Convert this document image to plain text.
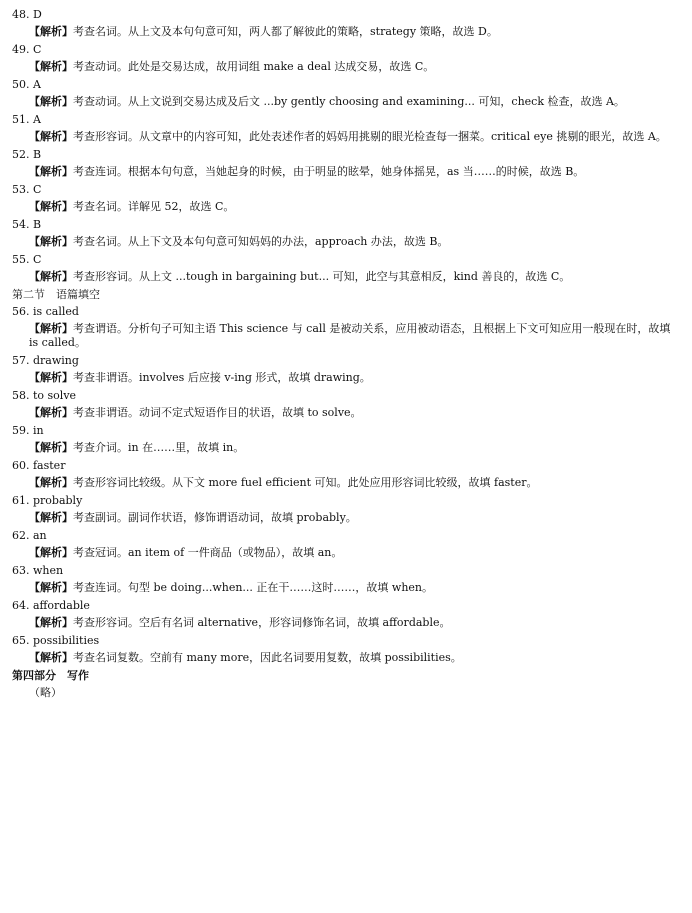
48. D
【解析】考查名词。从上文及本句句意可知，两人都了解彼此的策略，strategy 策略，故选 D。
49. C
【解析】考查动词。此处是交易达成，故用词组 make a deal 达成交易，故选 C。
50. A
【解析】考查动词。从上文说到交易达成及后文 ...by gently choosing and examining... 可知，check 检查，故选 A。
51. A
【解析】考查形容词。从文章中的内容可知，此处表述作者的妈妈用挑剔的眼光检查每一捆菜。critical eye 挑剔的眼光，故选 A。
52. B
【解析】考查连词。根据本句句意，当她起身的时候，由于明显的眩晕，她身体摇晃，as 当……的时候，故选 B。
53. C
【解析】考查名词。详解见 52，故选 C。
54. B
【解析】考查名词。从上下文及本句句意可知妈妈的办法，approach 办法，故选 B。
55. C
【解析】考查形容词。从上文 ...tough in bargaining but... 可知，此空与其意相反，kind 善良的，故选 C。
第二节　语篇填空
56. is called
【解析】考查谓语。分析句子可知主语 This science 与 call 是被动关系，应用被动语态，且根据上下文可知应用一般现在时，故填 is called。
57. drawing
【解析】考查非谓语。involves 后应接 v-ing 形式，故填 drawing。
58. to solve
【解析】考查非谓语。动词不定式短语作目的状语，故填 to solve。
59. in
【解析】考查介词。in 在……里，故填 in。
60. faster
【解析】考查形容词比较级。从下文 more fuel efficient 可知。此处应用形容词比较级，故填 faster。
61. probably
【解析】考查副词。副词作状语，修饰谓语动词，故填 probably。
62. an
【解析】考查冠词。an item of 一件商品（或物品），故填 an。
63. when
【解析】考查连词。句型 be doing...when... 正在干……这时……，故填 when。
64. affordable
【解析】考查形容词。空后有名词 alternative，形容词修饰名词，故填 affordable。
65. possibilities
【解析】考查名词复数。空前有 many more，因此名词要用复数，故填 possibilities。
第四部分　写作
（略）
